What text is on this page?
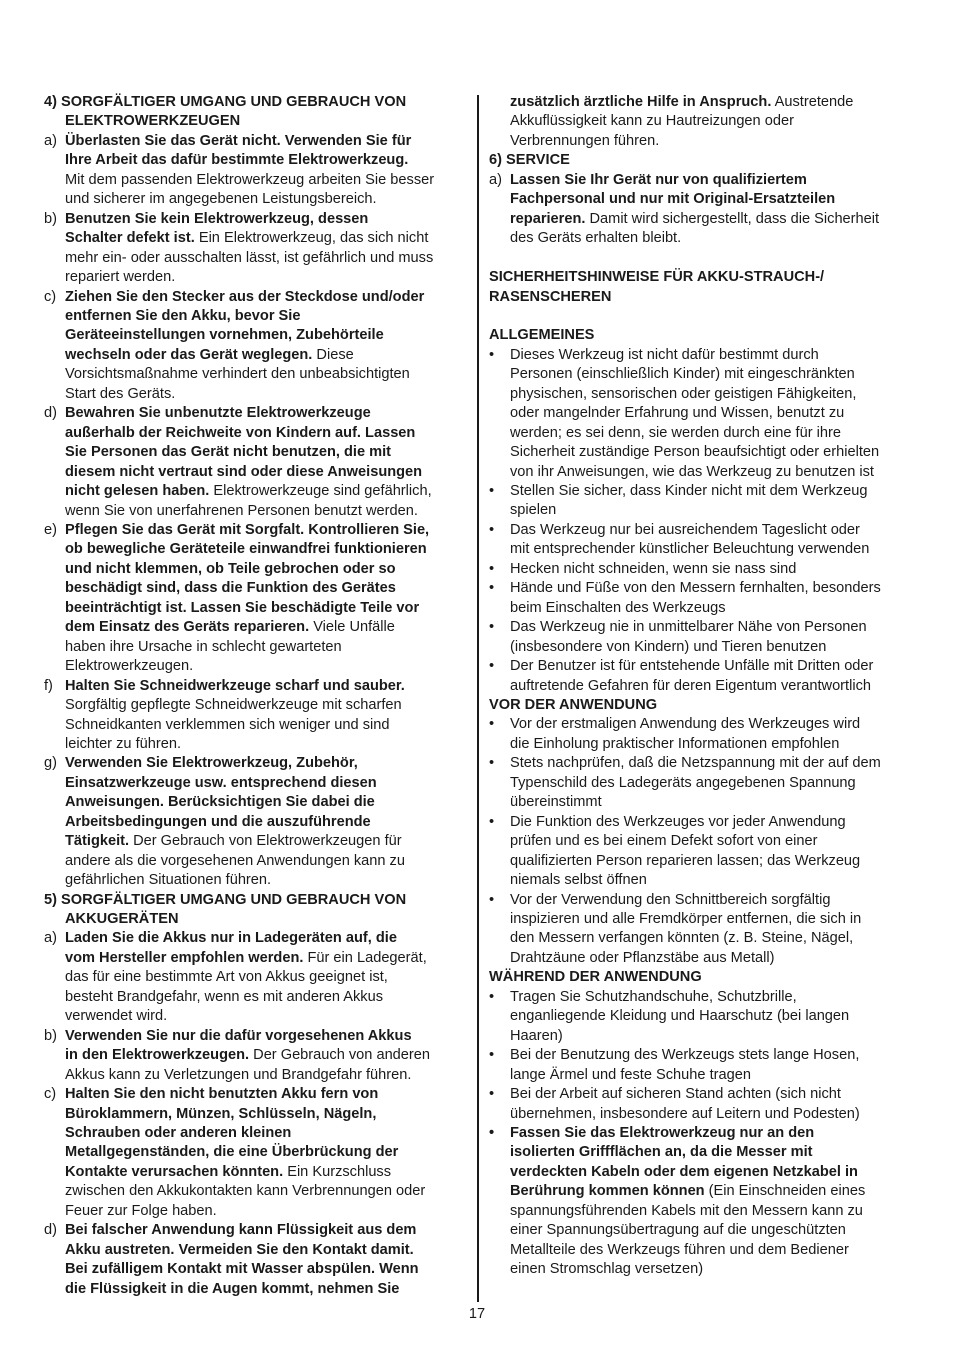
4) SORGFÄLTIGER UMGANG UND GEBRAUCH VON
ELEKTROWERKZEUGEN
a) Überlasten Sie das Gerät nicht. Verwenden Sie für
Ihre Arbeit das dafür bestimmte Elektrowerkzeug.
Mit dem passenden Elektrowerkzeug arbeiten Sie besser
und sicherer im angegebenen Leistungsbereich.
b) Benutzen Sie kein Elektrowerkzeug, dessen
Schalter defekt ist. Ein Elektrowerkzeug, das sich nicht
mehr ein- oder ausschalten lässt, ist gefährlich und muss
repariert werden.
c) Ziehen Sie den Stecker aus der Steckdose und/oder
entfernen Sie den Akku, bevor Sie
Geräteeinstellungen vornehmen, Zubehörteile
wechseln oder das Gerät weglegen. Diese
Vorsichtsmaßnahme verhindert den unbeabsichtigten
Start des Geräts.
d) Bewahren Sie unbenutzte Elektrowerkzeuge
außerhalb der Reichweite von Kindern auf. Lassen
Sie Personen das Gerät nicht benutzen, die mit
diesem nicht vertraut sind oder diese Anweisungen
nicht gelesen haben. Elektrowerkzeuge sind gefährlich,
wenn Sie von unerfahrenen Personen benutzt werden.
e) Pflegen Sie das Gerät mit Sorgfalt. Kontrollieren Sie,
ob bewegliche Geräteteile einwandfrei funktionieren
und nicht klemmen, ob Teile gebrochen oder so
beschädigt sind, dass die Funktion des Gerätes
beeinträchtigt ist. Lassen Sie beschädigte Teile vor
dem Einsatz des Geräts reparieren. Viele Unfälle
haben ihre Ursache in schlecht gewarteten
Elektrowerkzeugen.
f) Halten Sie Schneidwerkzeuge scharf und sauber.
Sorgfältig gepflegte Schneidwerkzeuge mit scharfen
Schneidkanten verklemmen sich weniger und sind
leichter zu führen.
g) Verwenden Sie Elektrowerkzeug, Zubehör,
Einsatzwerkzeuge usw. entsprechend diesen
Anweisungen. Berücksichtigen Sie dabei die
Arbeitsbedingungen und die auszuführende
Tätigkeit. Der Gebrauch von Elektrowerkzeugen für
andere als die vorgesehenen Anwendungen kann zu
gefährlichen Situationen führen.
5) SORGFÄLTIGER UMGANG UND GEBRAUCH VON
AKKUGERÄTEN
a) Laden Sie die Akkus nur in Ladegeräten auf, die
vom Hersteller empfohlen werden. Für ein Ladegerät,
das für eine bestimmte Art von Akkus geeignet ist,
besteht Brandgefahr, wenn es mit anderen Akkus
verwendet wird.
b) Verwenden Sie nur die dafür vorgesehenen Akkus
in den Elektrowerkzeugen. Der Gebrauch von anderen
Akkus kann zu Verletzungen und Brandgefahr führen.
c) Halten Sie den nicht benutzten Akku fern von
Büroklammern, Münzen, Schlüsseln, Nägeln,
Schrauben oder anderen kleinen
Metallgegenständen, die eine Überbrückung der
Kontakte verursachen könnten. Ein Kurzschluss
zwischen den Akkukontakten kann Verbrennungen oder
Feuer zur Folge haben.
d) Bei falscher Anwendung kann Flüssigkeit aus dem
Akku austreten. Vermeiden Sie den Kontakt damit.
Bei zufälligem Kontakt mit Wasser abspülen. Wenn
die Flüssigkeit in die Augen kommt, nehmen Sie
zusätzlich ärztliche Hilfe in Anspruch. Austretende
Akkuflüssigkeit kann zu Hautreizungen oder
Verbrennungen führen.
6) SERVICE
a) Lassen Sie Ihr Gerät nur von qualifiziertem
Fachpersonal und nur mit Original-Ersatzteilen
reparieren. Damit wird sichergestellt, dass die Sicherheit
des Geräts erhalten bleibt.
SICHERHEITSHINWEISE FÜR AKKU-STRAUCH-/
RASENSCHEREN
ALLGEMEINES
• Dieses Werkzeug ist nicht dafür bestimmt durch
Personen (einschließlich Kinder) mit eingeschränkten
physischen, sensorischen oder geistigen Fähigkeiten,
oder mangelnder Erfahrung und Wissen, benutzt zu
werden; es sei denn, sie werden durch eine für ihre
Sicherheit zuständige Person beaufsichtigt oder erhielten
von ihr Anweisungen, wie das Werkzeug zu benutzen ist
• Stellen Sie sicher, dass Kinder nicht mit dem Werkzeug
spielen
• Das Werkzeug nur bei ausreichendem Tageslicht oder
mit entsprechender künstlicher Beleuchtung verwenden
• Hecken nicht schneiden, wenn sie nass sind
• Hände und Füße von den Messern fernhalten, besonders
beim Einschalten des Werkzeugs
• Das Werkzeug nie in unmittelbarer Nähe von Personen
(insbesondere von Kindern) und Tieren benutzen
• Der Benutzer ist für entstehende Unfälle mit Dritten oder
auftretende Gefahren für deren Eigentum verantwortlich
VOR DER ANWENDUNG
• Vor der erstmaligen Anwendung des Werkzeuges wird
die Einholung praktischer Informationen empfohlen
• Stets nachprüfen, daß die Netzspannung mit der auf dem
Typenschild des Ladegeräts angegebenen Spannung
übereinstimmt
• Die Funktion des Werkzeuges vor jeder Anwendung
prüfen und es bei einem Defekt sofort von einer
qualifizierten Person reparieren lassen; das Werkzeug
niemals selbst öffnen
• Vor der Verwendung den Schnittbereich sorgfältig
inspizieren und alle Fremdkörper entfernen, die sich in
den Messern verfangen könnten (z. B. Steine, Nägel,
Drahtzäune oder Pflanzstäbe aus Metall)
WÄHREND DER ANWENDUNG
• Tragen Sie Schutzhandschuhe, Schutzbrille,
enganliegende Kleidung und Haarschutz (bei langen
Haaren)
• Bei der Benutzung des Werkzeugs stets lange Hosen,
lange Ärmel und feste Schuhe tragen
• Bei der Arbeit auf sicheren Stand achten (sich nicht
übernehmen, insbesondere auf Leitern und Podesten)
• Fassen Sie das Elektrowerkzeug nur an den
isolierten Griffflächen an, da die Messer mit
verdeckten Kabeln oder dem eigenen Netzkabel in
Berührung kommen können (Ein Einschneiden eines
spannungsführenden Kabels mit den Messern kann zu
einer Spannungsübertragung auf die ungeschützten
Metallteile des Werkzeugs führen und dem Bediener
einen Stromschlag versetzen)
17
